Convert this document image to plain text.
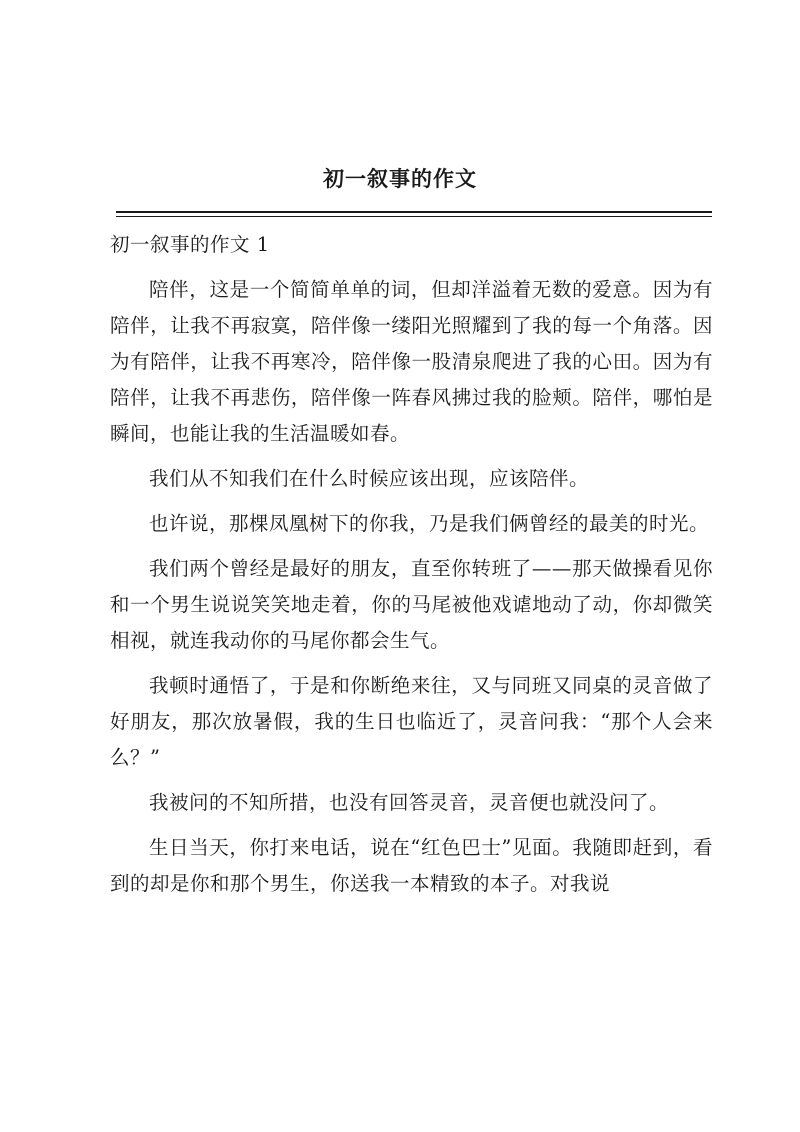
初一叙事的作文

初一叙事的作文 1

陪伴，这是一个简简单单的词，但却洋溢着无数的爱意。因为有陪伴，让我不再寂寞，陪伴像一缕阳光照耀到了我的每一个角落。因为有陪伴，让我不再寒冷，陪伴像一股清泉爬进了我的心田。因为有陪伴，让我不再悲伤，陪伴像一阵春风拂过我的脸颊。陪伴，哪怕是瞬间，也能让我的生活温暖如春。

我们从不知我们在什么时候应该出现，应该陪伴。

也许说，那棵凤凰树下的你我，乃是我们俩曾经的最美的时光。

我们两个曾经是最好的朋友，直至你转班了——那天做操看见你和一个男生说说笑笑地走着，你的马尾被他戏谑地动了动，你却微笑相视，就连我动你的马尾你都会生气。

我顿时通悟了，于是和你断绝来往，又与同班又同桌的灵音做了好朋友，那次放暑假，我的生日也临近了，灵音问我：“那个人会来么？”

我被问的不知所措，也没有回答灵音，灵音便也就没问了。

生日当天，你打来电话，说在“红色巴士”见面。我随即赶到，看到的却是你和那个男生，你送我一本精致的本子。对我说
